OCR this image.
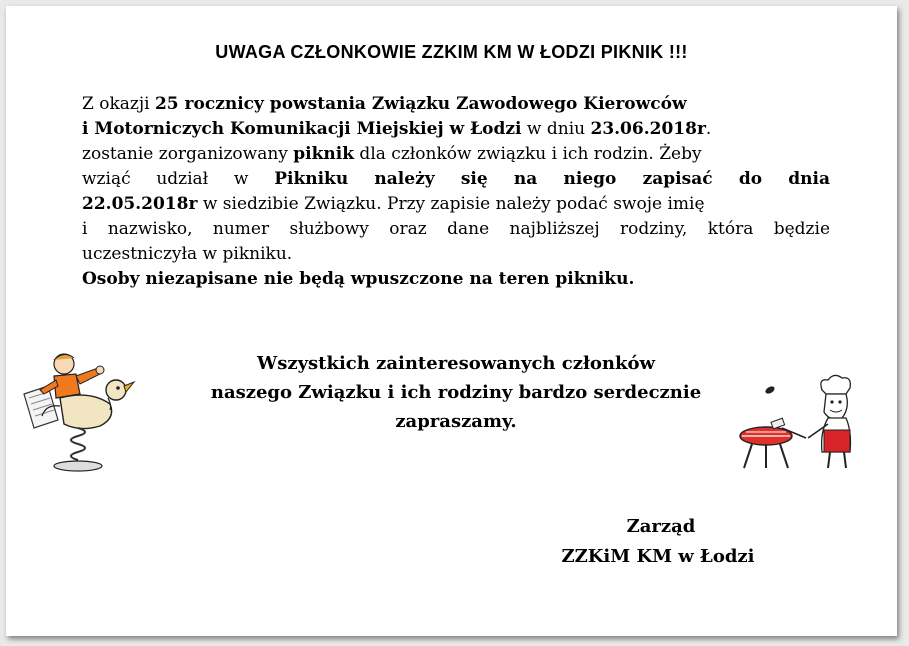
UWAGA CZŁONKOWIE ZZKIM KM W ŁODZI PIKNIK !!!
Z okazji 25 rocznicy powstania Związku Zawodowego Kierowców
i Motorniczych Komunikacji Miejskiej w Łodzi w dniu 23.06.2018r.
zostanie zorganizowany piknik dla członków związku i ich rodzin. Żeby
wziąć udział w Pikniku należy się na niego zapisać do dnia
22.05.2018r w siedzibie Związku. Przy zapisie należy podać swoje imię
i nazwisko, numer służbowy oraz dane najbliższej rodziny, która będzie
uczestniczyła w pikniku.
Osoby niezapisane nie będą wpuszczone na teren pikniku.
Wszystkich zainteresowanych członków
naszego Związku i ich rodziny bardzo serdecznie
zapraszamy.
Zarząd
ZZKiM KM w Łodzi
